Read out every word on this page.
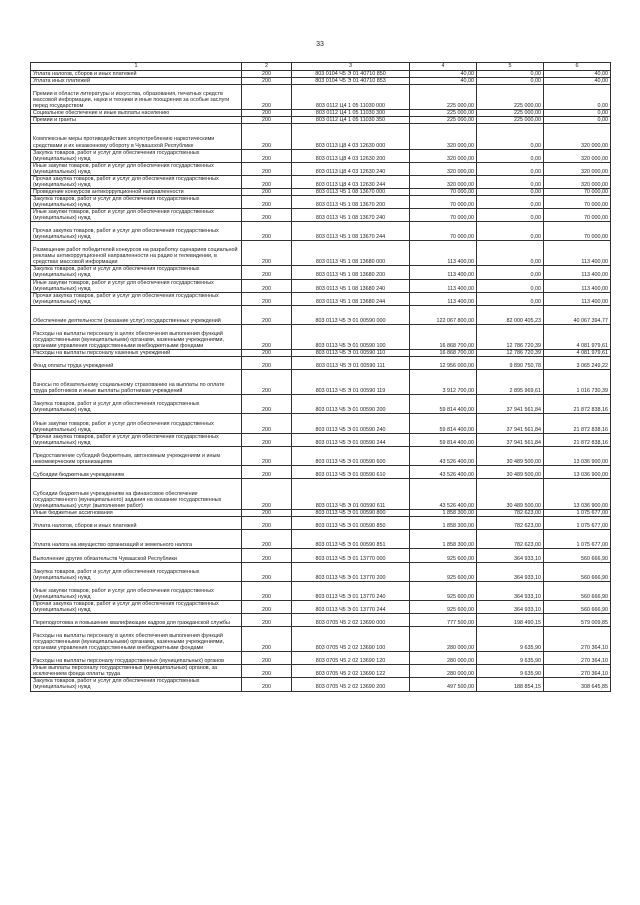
33
1	2	3	4	5	6
Уплата налогов, сборов и иных платежей	200	803 0104 Ч5 Э 01 40710 850	40,00	0,00	40,00
Уплата иных платежей	200	803 0104 Ч5 Э 01 40710 853	40,00	0,00	40,00
Премии в области литературы и искусства, образования, печатных средств массовой информации, науки и техники и иные поощрения за особые заслуги перед государством	200	803 0112 Ц4 1 05 11030 000	225 000,00	225 000,00	0,00
Социальное обеспечение и иные выплаты населению	200	803 0112 Ц4 1 05 11030 300	225 000,00	225 000,00	0,00
Премии и гранты	200	803 0112 Ц4 1 05 11030 350	225 000,00	225 000,00	0,00
Комплексные меры противодействия злоупотреблению наркотическими средствами и их незаконному обороту в Чувашской Республике	200	803 0113 Ц8 4 03 12630 000	320 000,00	0,00	320 000,00
Закупка товаров, работ и услуг для обеспечения государственных (муниципальных) нужд	200	803 0113 Ц8 4 03 12630 200	320 000,00	0,00	320 000,00
Иные закупки товаров, работ и услуг для обеспечения государственных (муниципальных) нужд	200	803 0113 Ц8 4 03 12630 240	320 000,00	0,00	320 000,00
Прочая закупка товаров, работ и услуг для обеспечения государственных (муниципальных) нужд	200	803 0113 Ц8 4 03 12630 244	320 000,00	0,00	320 000,00
Проведение конкурсов антикоррупционной направленности	200	803 0113 Ч5 1 08 13670 000	70 000,00	0,00	70 000,00
Закупка товаров, работ и услуг для обеспечения государственных (муниципальных) нужд	200	803 0113 Ч5 1 08 13670 200	70 000,00	0,00	70 000,00
Иные закупки товаров, работ и услуг для обеспечения государственных (муниципальных) нужд	200	803 0113 Ч5 1 08 13670 240	70 000,00	0,00	70 000,00
Прочая закупка товаров, работ и услуг для обеспечения государственных (муниципальных) нужд	200	803 0113 Ч5 1 08 13670 244	70 000,00	0,00	70 000,00
Размещение работ победителей конкурсов на разработку сценариев социальной рекламы антикоррупционной направленности на радио и телевидении, в средствах массовой информации	200	803 0113 Ч5 1 08 13680 000	113 400,00	0,00	113 400,00
Закупка товаров, работ и услуг для обеспечения государственных (муниципальных) нужд	200	803 0113 Ч5 1 08 13680 200	113 400,00	0,00	113 400,00
Иные закупки товаров, работ и услуг для обеспечения государственных (муниципальных) нужд	200	803 0113 Ч5 1 08 13680 240	113 400,00	0,00	113 400,00
Прочая закупка товаров, работ и услуг для обеспечения государственных (муниципальных) нужд	200	803 0113 Ч5 1 08 13680 244	113 400,00	0,00	113 400,00
Обеспечение деятельности (оказание услуг) государственных учреждений	200	803 0113 Ч5 Э 01 00590 000	122 067 800,00	82 000 405,23	40 067 394,77
Расходы на выплаты персоналу в целях обеспечения выполнения функций государственными (муниципальными) органами, казенными учреждениями, органами управления государственными внебюджетными фондами	200	803 0113 Ч5 Э 01 00590 100	16 868 700,00	12 786 720,39	4 081 979,61
Расходы на выплаты персоналу казенных учреждений	200	803 0113 Ч5 Э 01 00590 110	16 868 700,00	12 786 720,39	4 081 979,61
Фонд оплаты труда учреждений	200	803 0113 Ч5 Э 01 00590 111	12 956 000,00	9 890 750,78	3 065 249,22
Взносы по обязательному социальному страхованию на выплаты по оплате труда работников и иные выплаты работникам учреждений	200	803 0113 Ч5 Э 01 00590 119	3 912 700,00	2 895 969,61	1 016 730,39
Закупка товаров, работ и услуг для обеспечения государственных (муниципальных) нужд	200	803 0113 Ч5 Э 01 00590 200	59 814 400,00	37 941 561,84	21 872 838,16
Иные закупки товаров, работ и услуг для обеспечения государственных (муниципальных) нужд	200	803 0113 Ч5 Э 01 00590 240	59 814 400,00	37 941 561,84	21 872 838,16
Прочая закупка товаров, работ и услуг для обеспечения государственных (муниципальных) нужд	200	803 0113 Ч5 Э 01 00590 244	59 814 400,00	37 941 561,84	21 872 838,16
Предоставление субсидий бюджетным, автономным учреждениям и иным некоммерческим организациям	200	803 0113 Ч5 Э 01 00590 600	43 526 400,00	30 489 500,00	13 036 900,00
Субсидии бюджетным учреждениям	200	803 0113 Ч5 Э 01 00590 610	43 526 400,00	30 489 500,00	13 036 900,00
Субсидии бюджетным учреждениям на финансовое обеспечение государственного (муниципального) задания на оказание государственных (муниципальных) услуг (выполнение работ)	200	803 0113 Ч5 Э 01 00590 611	43 526 400,00	30 489 500,00	13 036 900,00
Иные бюджетные ассигнования	200	803 0113 Ч5 Э 01 00590 800	1 858 300,00	782 623,00	1 075 677,00
Уплата налогов, сборов и иных платежей	200	803 0113 Ч5 Э 01 00590 850	1 858 300,00	782 623,00	1 075 677,00
Уплата налога на имущество организаций и земельного налога	200	803 0113 Ч5 Э 01 00590 851	1 858 300,00	782 623,00	1 075 677,00
Выполнение других обязательств Чувашской Республики	200	803 0113 Ч5 Э 01 13770 000	925 600,00	364 933,10	560 666,90
Закупка товаров, работ и услуг для обеспечения государственных (муниципальных) нужд	200	803 0113 Ч5 Э 01 13770 200	925 600,00	364 933,10	560 666,90
Иные закупки товаров, работ и услуг для обеспечения государственных (муниципальных) нужд	200	803 0113 Ч5 Э 01 13770 240	925 600,00	364 933,10	560 666,90
Прочая закупка товаров, работ и услуг для обеспечения государственных (муниципальных) нужд	200	803 0113 Ч5 Э 01 13770 244	925 600,00	364 933,10	560 666,90
Переподготовка и повышение квалификации кадров для гражданской службы	200	803 0705 Ч5 2 02 13690 000	777 500,00	198 490,15	579 009,85
Расходы на выплаты персоналу в целях обеспечения выполнения функций государственными (муниципальными) органами, казенными учреждениями, органами управления государственными внебюджетными фондами	200	803 0705 Ч5 2 02 13690 100	280 000,00	9 635,90	270 364,10
Расходы на выплаты персоналу государственных (муниципальных) органов	200	803 0705 Ч5 2 02 13690 120	280 000,00	9 635,90	270 364,10
Иные выплаты персоналу государственных (муниципальных) органов, за исключением фонда оплаты труда	200	803 0705 Ч5 2 02 13690 122	280 000,00	9 635,90	270 364,10
Закупка товаров, работ и услуг для обеспечения государственных (муниципальных) нужд	200	803 0705 Ч5 2 02 13690 200	497 500,00	188 854,15	308 645,85
